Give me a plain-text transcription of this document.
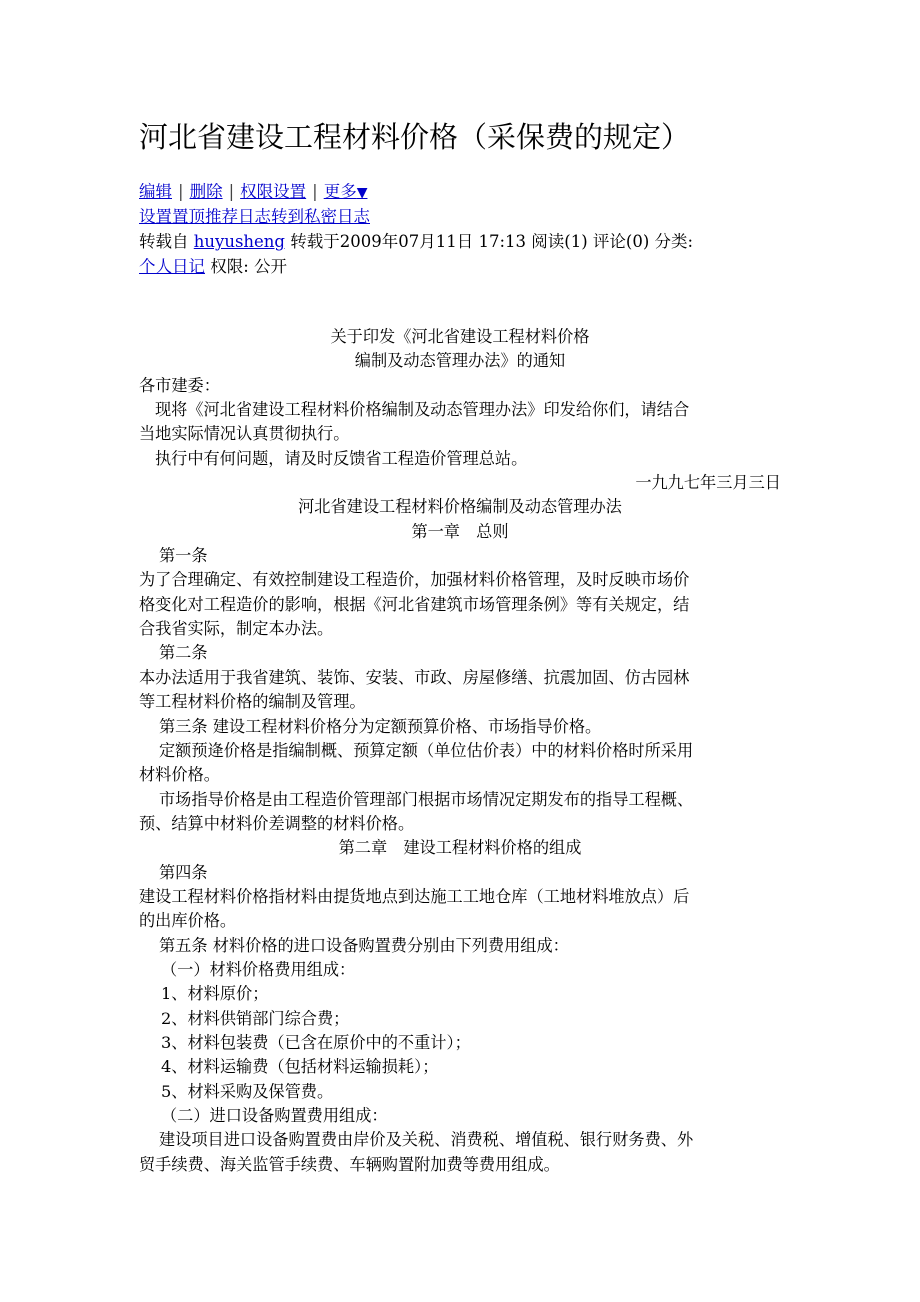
河北省建设工程材料价格（采保费的规定）
编辑 | 删除 | 权限设置 | 更多▼
设置置顶推荐日志转到私密日志
转载自 huyusheng 转载于2009年07月11日 17:13 阅读(1) 评论(0) 分类:
个人日记 权限: 公开
关于印发《河北省建设工程材料价格
编制及动态管理办法》的通知
各市建委：
现将《河北省建设工程材料价格编制及动态管理办法》印发给你们，请结合
当地实际情况认真贯彻执行。
执行中有何问题，请及时反馈省工程造价管理总站。
一九九七年三月三日
河北省建设工程材料价格编制及动态管理办法
第一章　总则
第一条
为了合理确定、有效控制建设工程造价，加强材料价格管理，及时反映市场价
格变化对工程造价的影响，根据《河北省建筑市场管理条例》等有关规定，结
合我省实际，制定本办法。
第二条
本办法适用于我省建筑、装饰、安装、市政、房屋修缮、抗震加固、仿古园林
等工程材料价格的编制及管理。
第三条 建设工程材料价格分为定额预算价格、市场指导价格。
定额预逄价格是指编制概、预算定额（单位估价表）中的材料价格时所采用
材料价格。
市场指导价格是由工程造价管理部门根据市场情况定期发布的指导工程概、
预、结算中材料价差调整的材料价格。
第二章　建设工程材料价格的组成
第四条
建设工程材料价格指材料由提货地点到达施工工地仓库（工地材料堆放点）后
的出库价格。
第五条 材料价格的进口设备购置费分别由下列费用组成：
（一）材料价格费用组成：
1、材料原价；
2、材料供销部门综合费；
3、材料包装费（已含在原价中的不重计）；
4、材料运输费（包括材料运输损耗）；
5、材料采购及保管费。
（二）进口设备购置费用组成：
建设项目进口设备购置费由岸价及关税、消费税、增值税、银行财务费、外
贸手续费、海关监管手续费、车辆购置附加费等费用组成。
